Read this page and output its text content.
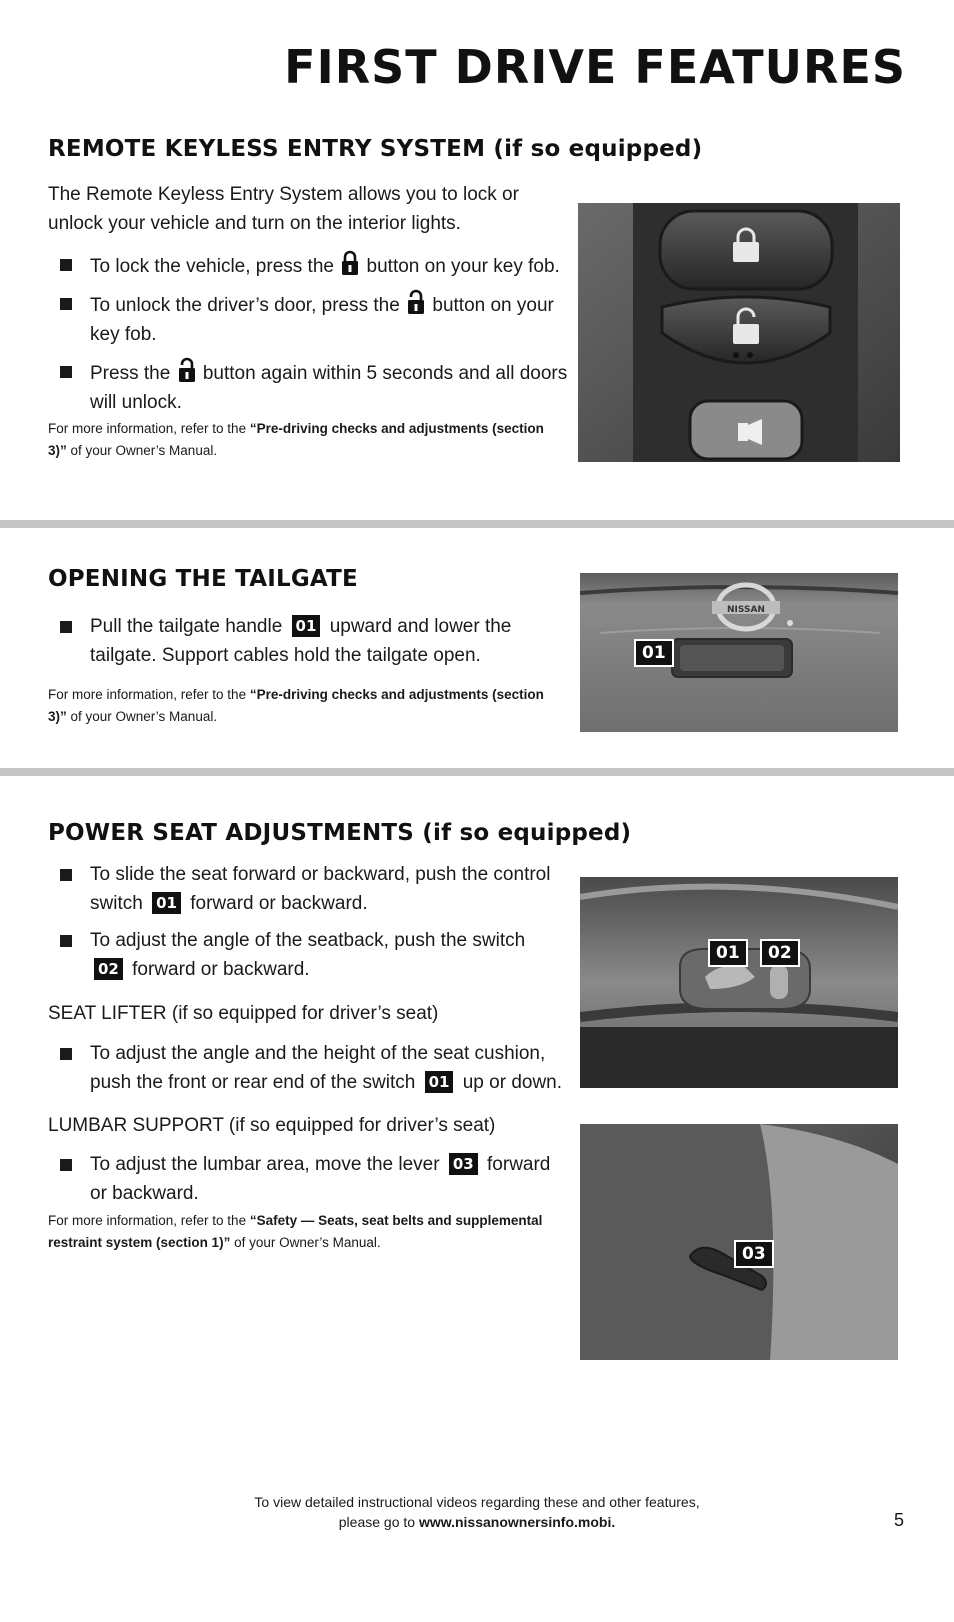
FIRST DRIVE FEATURES
REMOTE KEYLESS ENTRY SYSTEM (if so equipped)
The Remote Keyless Entry System allows you to lock or unlock your vehicle and turn on the interior lights.
To lock the vehicle, press the button on your key fob.
To unlock the driver’s door, press the button on your key fob.
Press the button again within 5 seconds and all doors will unlock.
For more information, refer to the “Pre-driving checks and adjustments (section 3)” of your Owner’s Manual.
OPENING THE TAILGATE
Pull the tailgate handle 01 upward and lower the tailgate. Support cables hold the tailgate open.
For more information, refer to the “Pre-driving checks and adjustments (section 3)” of your Owner’s Manual.
NISSAN
01
POWER SEAT ADJUSTMENTS (if so equipped)
To slide the seat forward or backward, push the control switch 01 forward or backward.
To adjust the angle of the seatback, push the switch 02 forward or backward.
SEAT LIFTER (if so equipped for driver’s seat)
To adjust the angle and the height of the seat cushion, push the front or rear end of the switch 01 up or down.
LUMBAR SUPPORT (if so equipped for driver’s seat)
To adjust the lumbar area, move the lever 03 forward or backward.
For more information, refer to the “Safety — Seats, seat belts and supplemental restraint system (section 1)” of your Owner’s Manual.
01	02
03
To view detailed instructional videos regarding these and other features,
please go to www.nissanownersinfo.mobi.	5
